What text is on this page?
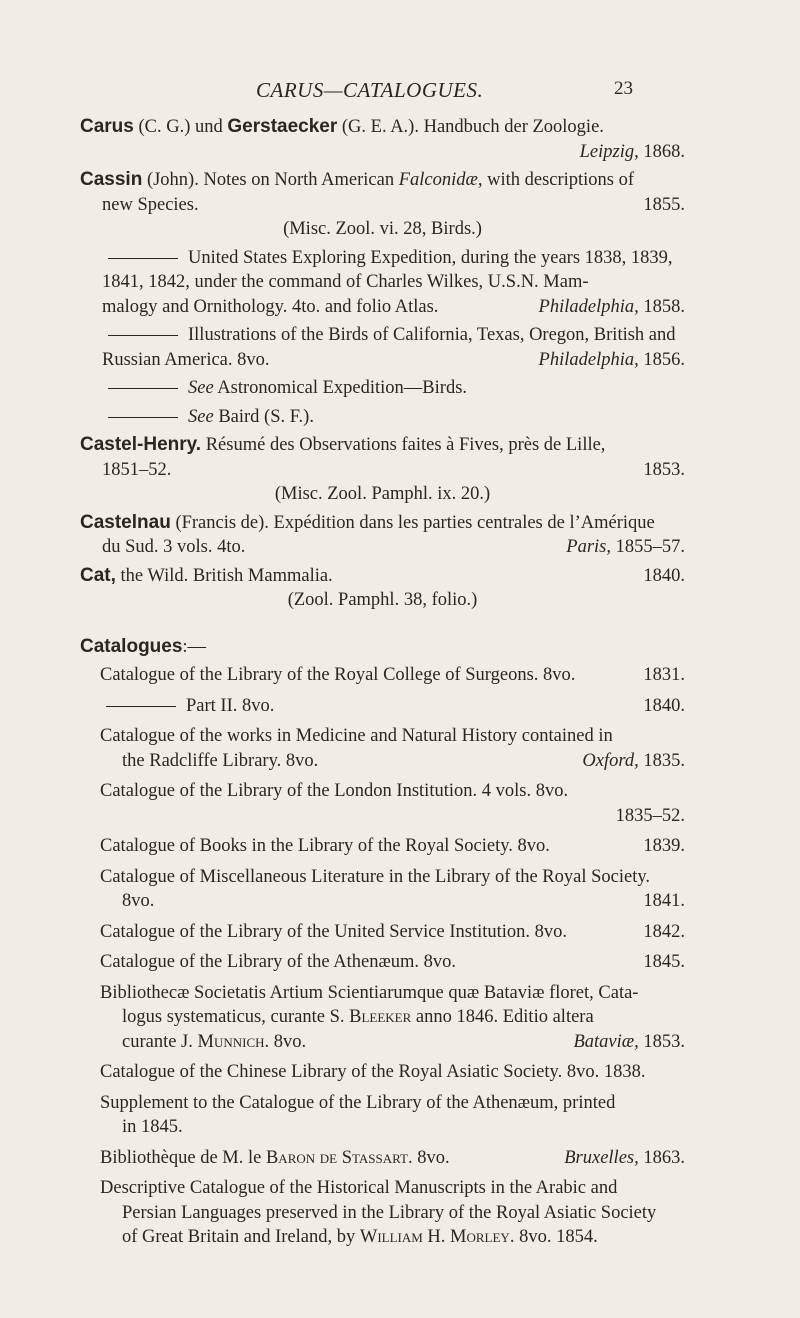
CARUS—CATALOGUES.	23
Carus (C. G.) und Gerstaecker (G. E. A.). Handbuch der Zoologie.
Leipzig, 1868.
Cassin (John). Notes on North American Falconidæ, with descriptions of
new Species.	1855.
(Misc. Zool. vi. 28, Birds.)
United States Exploring Expedition, during the years 1838, 1839,
1841, 1842, under the command of Charles Wilkes, U.S.N. Mam-
malogy and Ornithology. 4to. and folio Atlas.	Philadelphia, 1858.
Illustrations of the Birds of California, Texas, Oregon, British and
Russian America. 8vo.	Philadelphia, 1856.
See Astronomical Expedition—Birds.
See Baird (S. F.).
Castel-Henry. Résumé des Observations faites à Fives, près de Lille,
1851–52.	1853.
(Misc. Zool. Pamphl. ix. 20.)
Castelnau (Francis de). Expédition dans les parties centrales de l’Amérique
du Sud. 3 vols. 4to.	Paris, 1855–57.
Cat, the Wild. British Mammalia.	1840.
(Zool. Pamphl. 38, folio.)
Catalogues:—
Catalogue of the Library of the Royal College of Surgeons. 8vo.	1831.
Part II. 8vo.	1840.
Catalogue of the works in Medicine and Natural History contained in
the Radcliffe Library. 8vo.	Oxford, 1835.
Catalogue of the Library of the London Institution. 4 vols. 8vo.
1835–52.
Catalogue of Books in the Library of the Royal Society. 8vo.	1839.
Catalogue of Miscellaneous Literature in the Library of the Royal Society.
8vo.	1841.
Catalogue of the Library of the United Service Institution. 8vo.	1842.
Catalogue of the Library of the Athenæum. 8vo.	1845.
Bibliothecæ Societatis Artium Scientiarumque quæ Bataviæ floret, Cata-
logus systematicus, curante S. Bleeker anno 1846. Editio altera
curante J. Munnich. 8vo.	Bataviæ, 1853.
Catalogue of the Chinese Library of the Royal Asiatic Society. 8vo. 1838.
Supplement to the Catalogue of the Library of the Athenæum, printed
in 1845.
Bibliothèque de M. le Baron de Stassart. 8vo.	Bruxelles, 1863.
Descriptive Catalogue of the Historical Manuscripts in the Arabic and
Persian Languages preserved in the Library of the Royal Asiatic Society
of Great Britain and Ireland, by William H. Morley. 8vo. 1854.
